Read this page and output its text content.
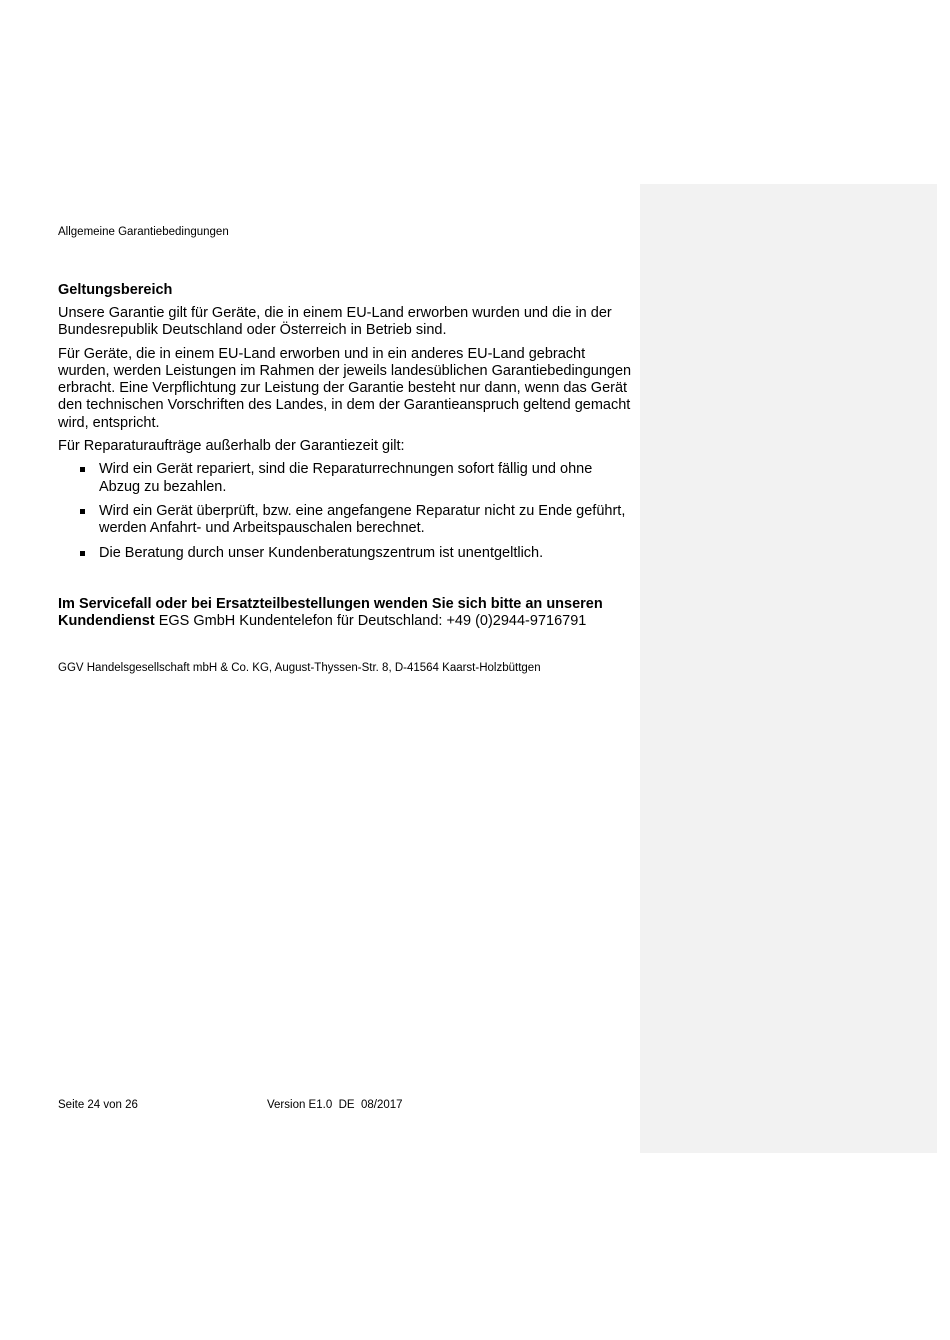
Allgemeine Garantiebedingungen
Geltungsbereich

Unsere Garantie gilt für Geräte, die in einem EU-Land erworben wurden und die in der Bundesrepublik Deutschland oder Österreich in Betrieb sind.

Für Geräte, die in einem EU-Land erworben und in ein anderes EU-Land gebracht wurden, werden Leistungen im Rahmen der jeweils landesüblichen Garantiebedingungen erbracht. Eine Verpflichtung zur Leistung der Garantie besteht nur dann, wenn das Gerät den technischen Vorschriften des Landes, in dem der Garantieanspruch geltend gemacht wird, entspricht.

Für Reparaturaufträge außerhalb der Garantiezeit gilt:

Wird ein Gerät repariert, sind die Reparaturrechnungen sofort fällig und ohne Abzug zu bezahlen.
Wird ein Gerät überprüft, bzw. eine angefangene Reparatur nicht zu Ende geführt, werden Anfahrt- und Arbeitspauschalen berechnet.
Die Beratung durch unser Kundenberatungszentrum ist unentgeltlich.
Im Servicefall oder bei Ersatzteilbestellungen wenden Sie sich bitte an unseren Kundendienst EGS GmbH Kundentelefon für Deutschland: +49 (0)2944-9716791
GGV Handelsgesellschaft mbH & Co. KG, August-Thyssen-Str. 8, D-41564 Kaarst-Holzbüttgen
Seite 24 von 26	Version E1.0  DE  08/2017
